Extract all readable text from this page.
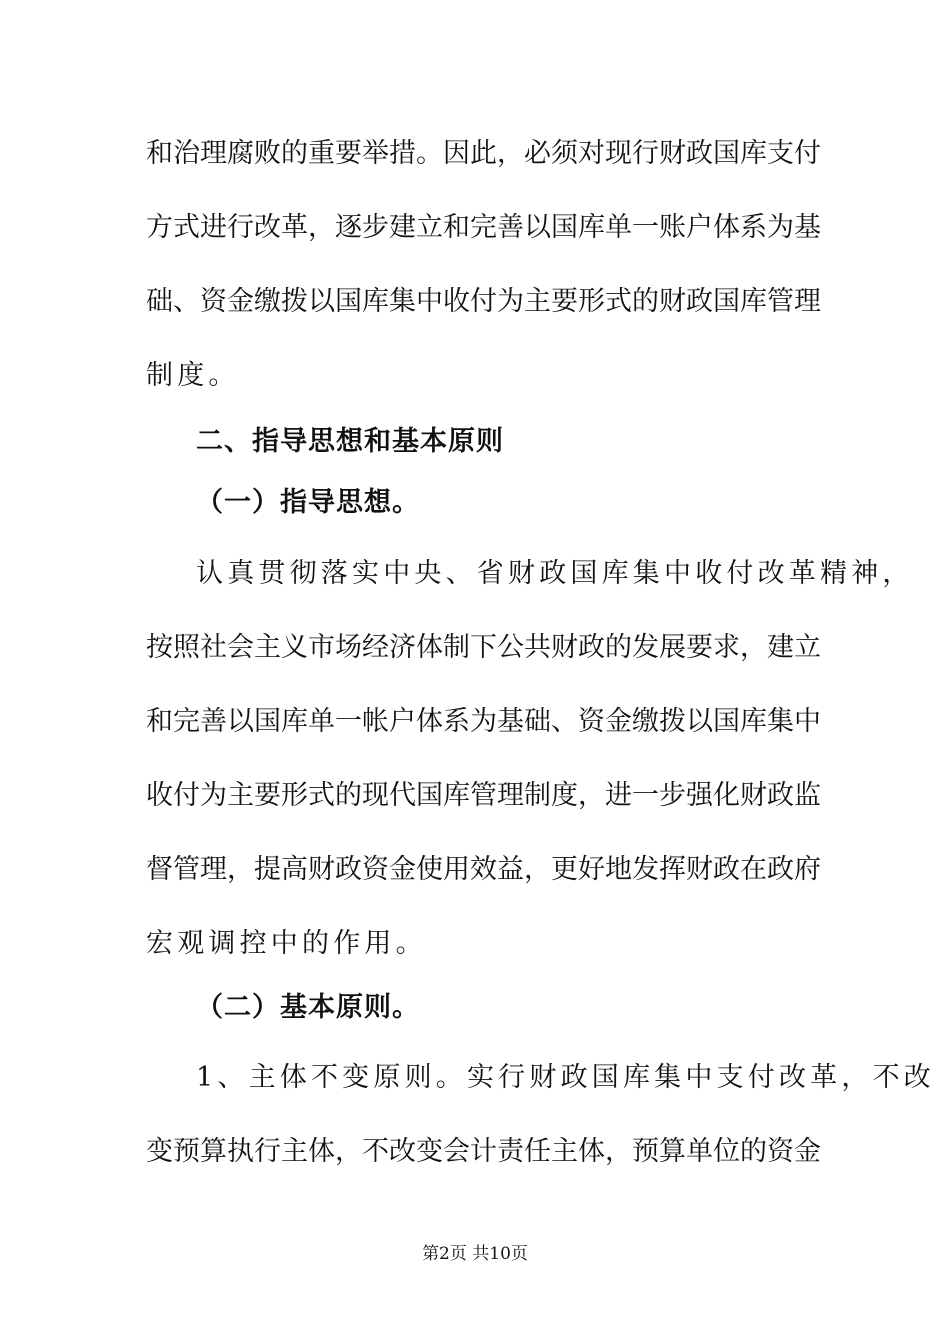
和治理腐败的重要举措。因此，必须对现行财政国库支付
方式进行改革，逐步建立和完善以国库单一账户体系为基
础、资金缴拨以国库集中收付为主要形式的财政国库管理
制度。
二、指导思想和基本原则
（一）指导思想。
认真贯彻落实中央、省财政国库集中收付改革精神，
按照社会主义市场经济体制下公共财政的发展要求，建立
和完善以国库单一帐户体系为基础、资金缴拨以国库集中
收付为主要形式的现代国库管理制度，进一步强化财政监
督管理，提高财政资金使用效益，更好地发挥财政在政府
宏观调控中的作用。
（二）基本原则。
1、主体不变原则。实行财政国库集中支付改革，不改
变预算执行主体，不改变会计责任主体，预算单位的资金
第2页 共10页
